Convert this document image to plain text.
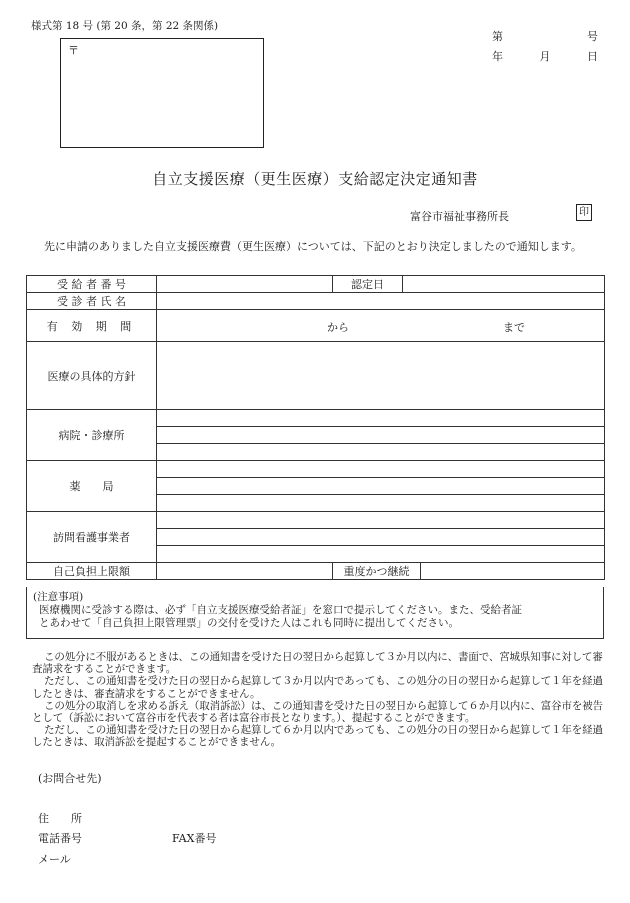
様式第 18 号 (第 20 条，第 22 条関係)
〒
第	号
年	月	日
自立支援医療（更生医療）支給認定決定通知書
富谷市福祉事務所長	印
先に申請のありました自立支援医療費（更生医療）については、下記のとおり決定しましたので通知します。
受 給 者 番 号		認定日		
受 診 者 氏 名				
有 効 期 間	から まで			

医療の具体的方針				
病院・診療所				

薬　　局				

訪問看護事業者				

自己負担上限額		重度かつ継続		
(注意事項)
医療機関に受診する際は、必ず「自立支援医療受給者証」を窓口で提示してください。また、受給者証
とあわせて「自己負担上限管理票」の交付を受けた人はこれも同時に提出してください。

この処分に不服があるときは、この通知書を受けた日の翌日から起算して３か月以内に、書面で、宮城県知事に対して審査請求をすることができます。

ただし、この通知書を受けた日の翌日から起算して３か月以内であっても、この処分の日の翌日から起算して１年を経過したときは、審査請求をすることができません。

この処分の取消しを求める訴え（取消訴訟）は、この通知書を受けた日の翌日から起算して６か月以内に、富谷市を被告として（訴訟において富谷市を代表する者は富谷市長となります。）、提起することができます。

ただし、この通知書を受けた日の翌日から起算して６か月以内であっても、この処分の日の翌日から起算して１年を経過したときは、取消訴訟を提起することができません。

(お問合せ先)
住　　所
電話番号	FAX番号
メール
